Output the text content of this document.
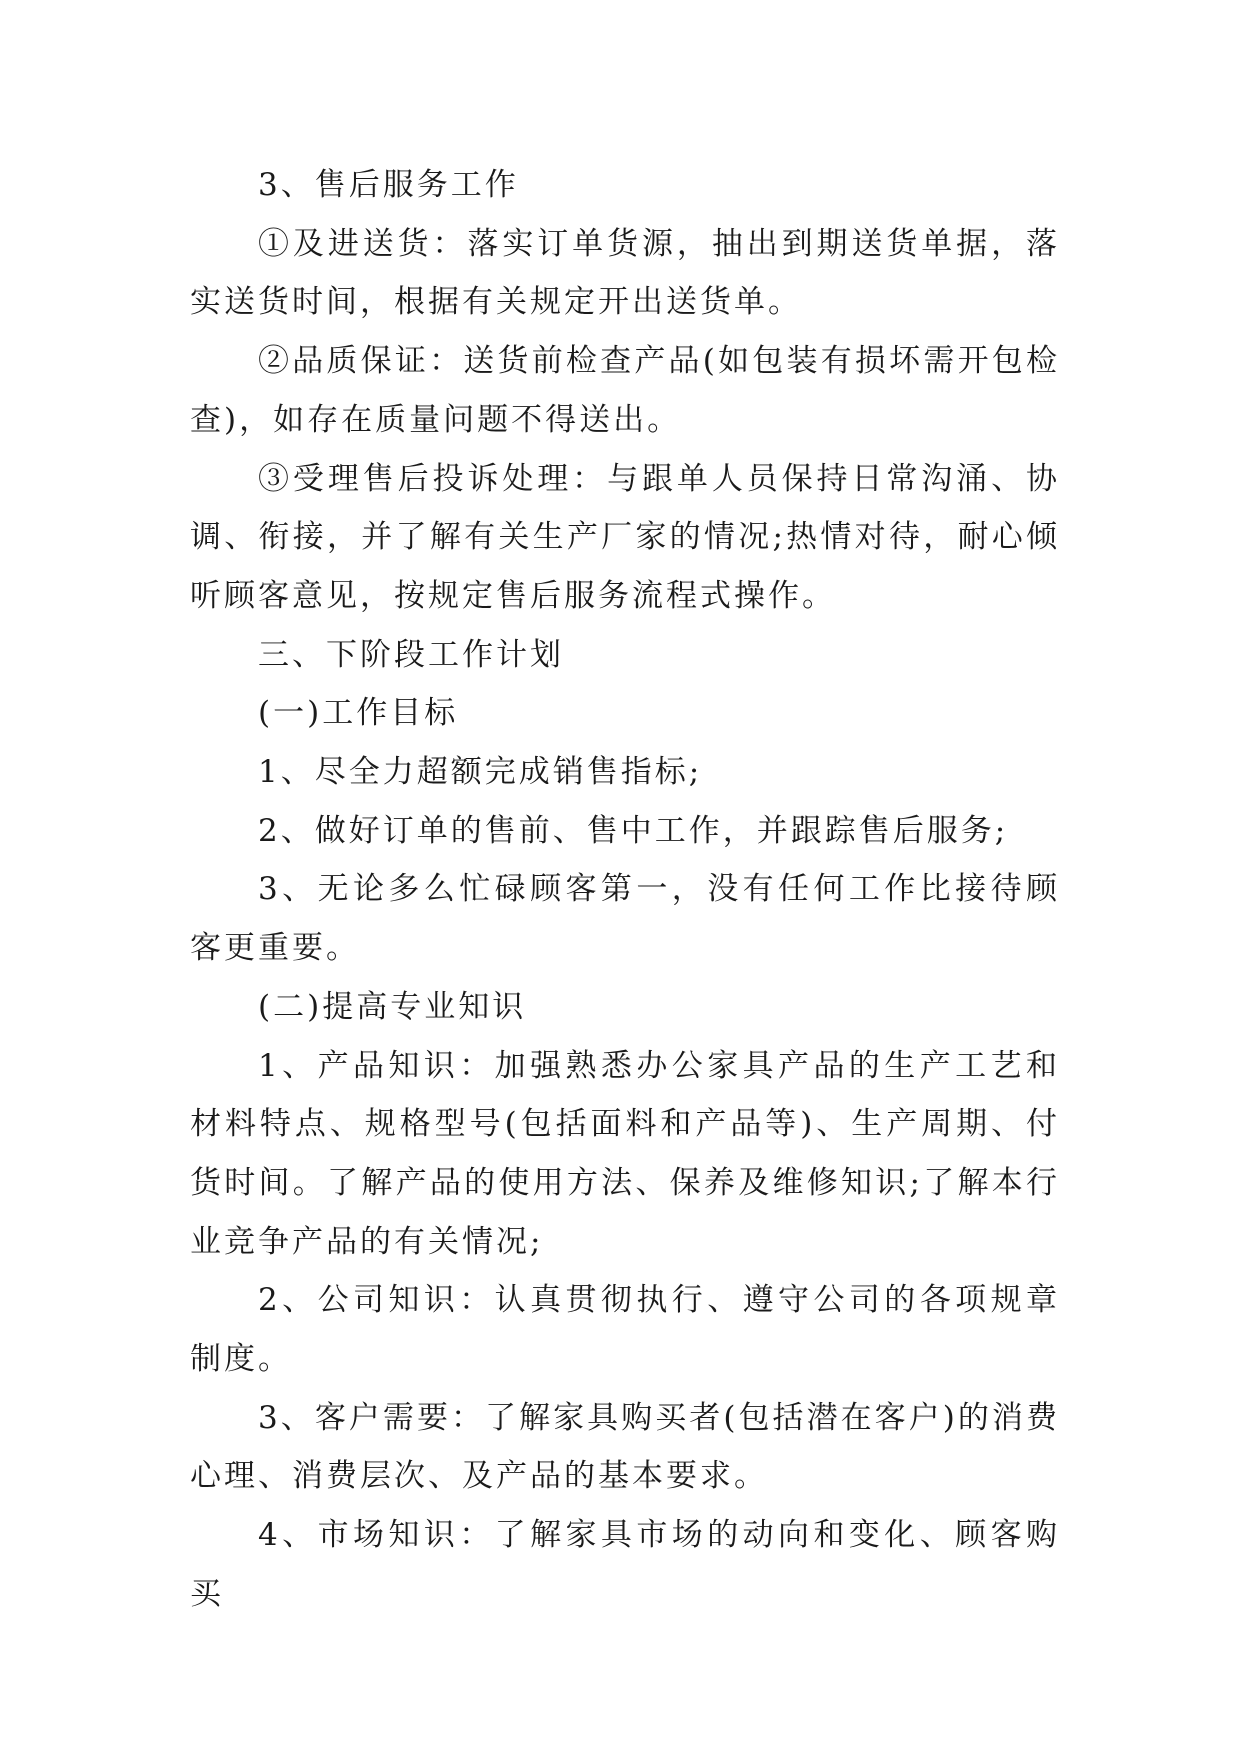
3、售后服务工作

①及进送货：落实订单货源，抽出到期送货单据，落实送货时间，根据有关规定开出送货单。

②品质保证：送货前检查产品(如包装有损坏需开包检查)，如存在质量问题不得送出。

③受理售后投诉处理：与跟单人员保持日常沟涌、协调、衔接，并了解有关生产厂家的情况;热情对待，耐心倾听顾客意见，按规定售后服务流程式操作。

三、下阶段工作计划

(一)工作目标

1、尽全力超额完成销售指标;

2、做好订单的售前、售中工作，并跟踪售后服务;

3、无论多么忙碌顾客第一，没有任何工作比接待顾客更重要。

(二)提高专业知识

1、产品知识：加强熟悉办公家具产品的生产工艺和材料特点、规格型号(包括面料和产品等)、生产周期、付货时间。了解产品的使用方法、保养及维修知识;了解本行业竞争产品的有关情况;

2、公司知识：认真贯彻执行、遵守公司的各项规章制度。

3、客户需要：了解家具购买者(包括潜在客户)的消费心理、消费层次、及产品的基本要求。

4、市场知识：了解家具市场的动向和变化、顾客购买
